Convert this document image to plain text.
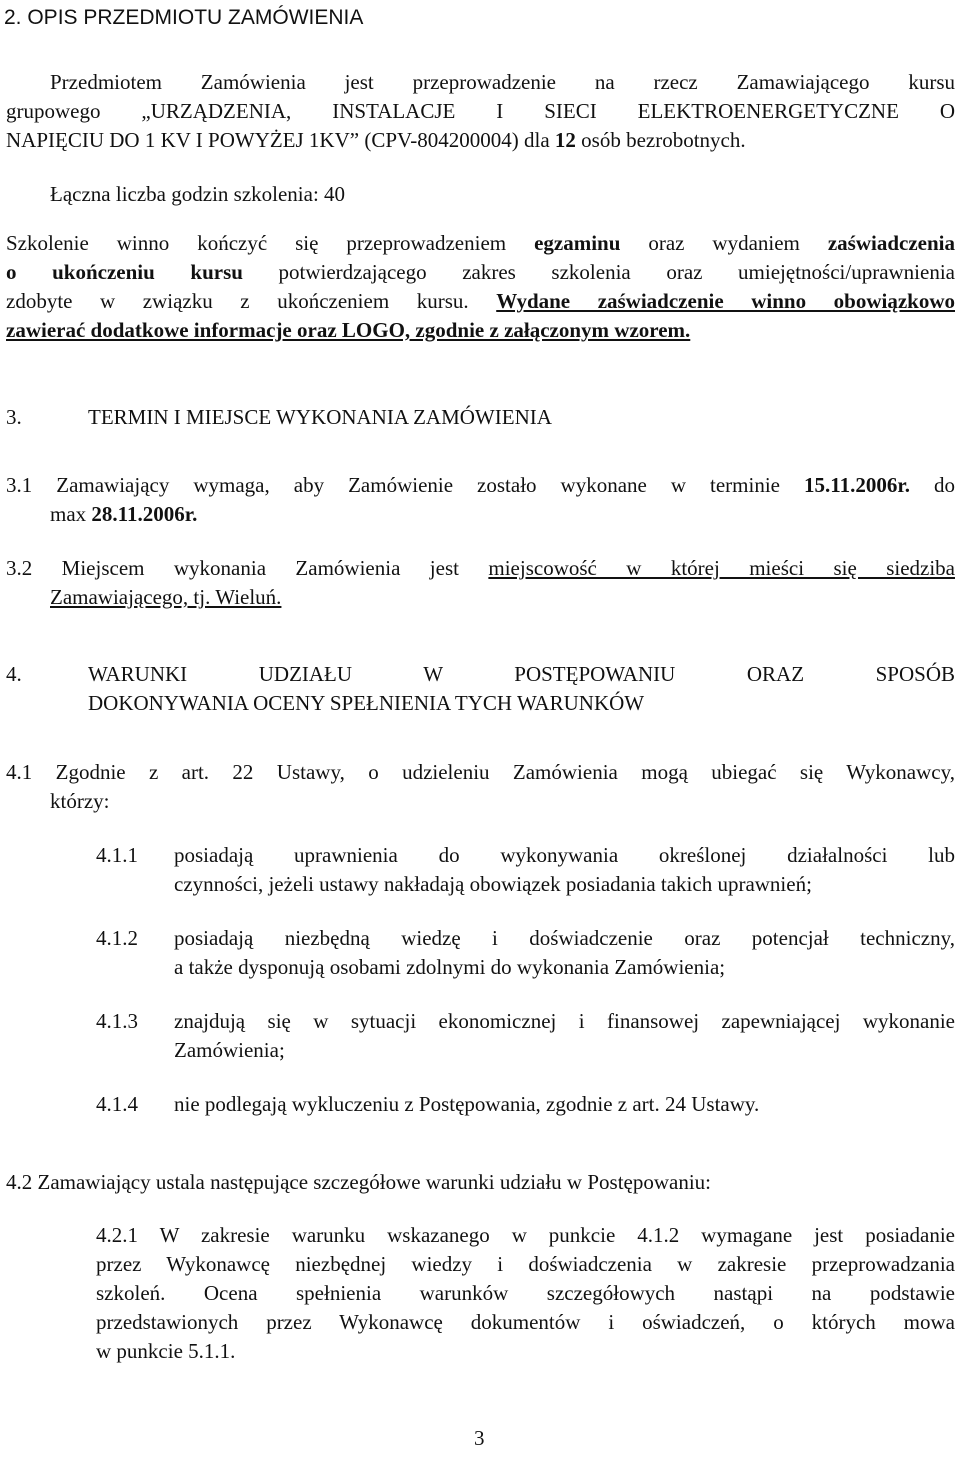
2. OPIS PRZEDMIOTU ZAMÓWIENIA
Przedmiotem Zamówienia jest przeprowadzenie na rzecz Zamawiającego kursu
grupowego „URZĄDZENIA, INSTALACJE I SIECI ELEKTROENERGETYCZNE O
NAPIĘCIU DO 1 KV I POWYŻEJ 1KV” (CPV-804200004) dla 12 osób bezrobotnych.
Łączna liczba godzin szkolenia: 40
Szkolenie winno kończyć się przeprowadzeniem egzaminu oraz wydaniem zaświadczenia
o ukończeniu kursu potwierdzającego zakres szkolenia oraz umiejętności/uprawnienia
zdobyte w związku z ukończeniem kursu. Wydane zaświadczenie winno obowiązkowo
zawierać dodatkowe informacje oraz LOGO, zgodnie z załączonym wzorem.
3.	TERMIN I MIEJSCE WYKONANIA ZAMÓWIENIA
3.1 Zamawiający wymaga, aby Zamówienie zostało wykonane w terminie 15.11.2006r. do
max 28.11.2006r.
3.2 Miejscem wykonania Zamówienia jest miejscowość w której mieści się siedziba
Zamawiającego, tj. Wieluń.
4.	WARUNKI UDZIAŁU W POSTĘPOWANIU ORAZ SPOSÓB
DOKONYWANIA OCENY SPEŁNIENIA TYCH WARUNKÓW
4.1 Zgodnie z art. 22 Ustawy, o udzieleniu Zamówienia mogą ubiegać się Wykonawcy,
którzy:
4.1.1 posiadają uprawnienia do wykonywania określonej działalności lub
czynności, jeżeli ustawy nakładają obowiązek posiadania takich uprawnień;
4.1.2 posiadają niezbędną wiedzę i doświadczenie oraz potencjał techniczny,
a także dysponują osobami zdolnymi do wykonania Zamówienia;
4.1.3 znajdują się w sytuacji ekonomicznej i finansowej zapewniającej wykonanie
Zamówienia;
4.1.4 nie podlegają wykluczeniu z Postępowania, zgodnie z art. 24 Ustawy.
4.2 Zamawiający ustala następujące szczegółowe warunki udziału w Postępowaniu:
4.2.1 W zakresie warunku wskazanego w punkcie 4.1.2 wymagane jest posiadanie
przez Wykonawcę niezbędnej wiedzy i doświadczenia w zakresie przeprowadzania
szkoleń. Ocena spełnienia warunków szczegółowych nastąpi na podstawie
przedstawionych przez Wykonawcę dokumentów i oświadczeń, o których mowa
w punkcie 5.1.1.
3
